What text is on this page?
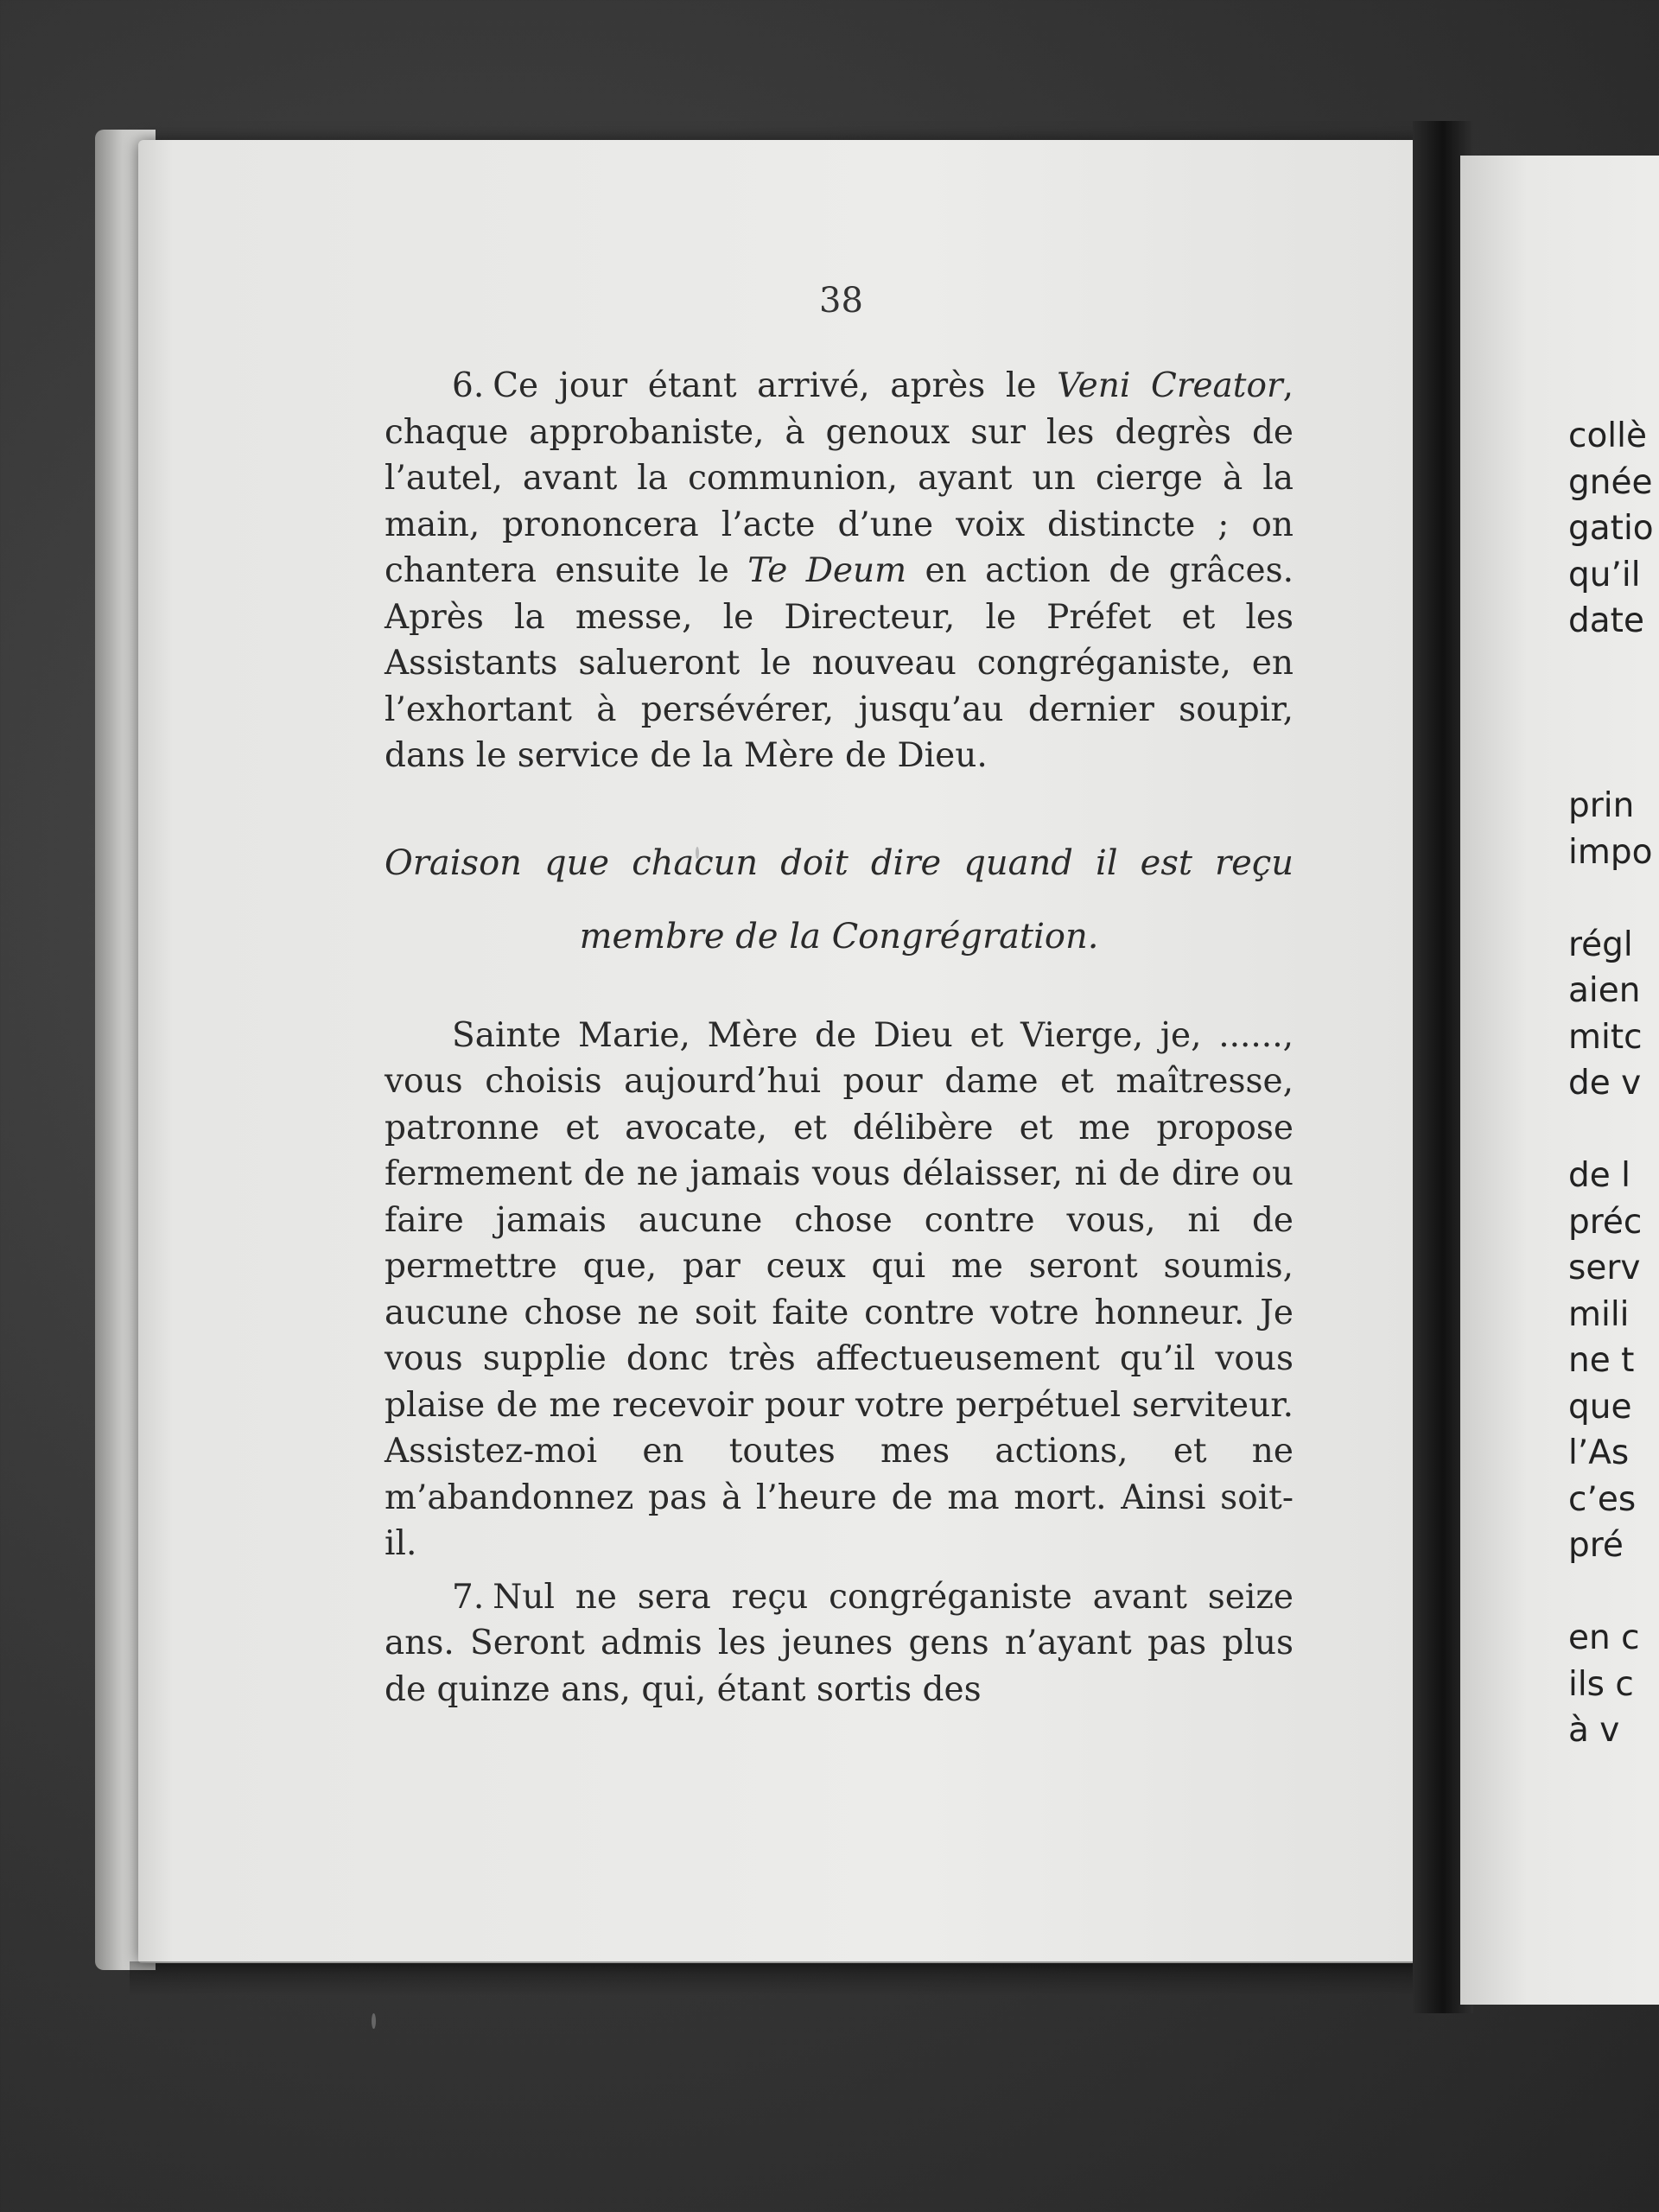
38

6. Ce jour étant arrivé, après le Veni Creator, chaque approbaniste, à genoux sur les degrès de l’autel, avant la communion, ayant un cierge à la main, prononcera l’acte d’une voix distincte ; on chantera ensuite le Te Deum en action de grâces. Après la messe, le Directeur, le Préfet et les Assistants salueront le nouveau congréganiste, en l’exhortant à persévérer, jusqu’au dernier soupir, dans le service de la Mère de Dieu.

Oraison que chacun doit dire quand il est reçu
membre de la Congrégration.

Sainte Marie, Mère de Dieu et Vierge, je, ......, vous choisis aujourd’hui pour dame et maîtresse, patronne et avocate, et délibère et me propose fermement de ne jamais vous délaisser, ni de dire ou faire jamais aucune chose contre vous, ni de permettre que, par ceux qui me seront soumis, aucune chose ne soit faite contre votre honneur. Je vous supplie donc très affectueusement qu’il vous plaise de me recevoir pour votre perpétuel serviteur. Assistez-moi en toutes mes actions, et ne m’abandonnez pas à l’heure de ma mort. Ainsi soit-il.

7. Nul ne sera reçu congréganiste avant seize ans. Seront admis les jeunes gens n’ayant pas plus de quinze ans, qui, étant sortis des

collè
gnée
gatio
qu’il
date
prin
impo
régl
aien
mitc
de v
de l
préc
serv
mili
ne t
que
l’As
c’es
pré
en c
ils c
à v
